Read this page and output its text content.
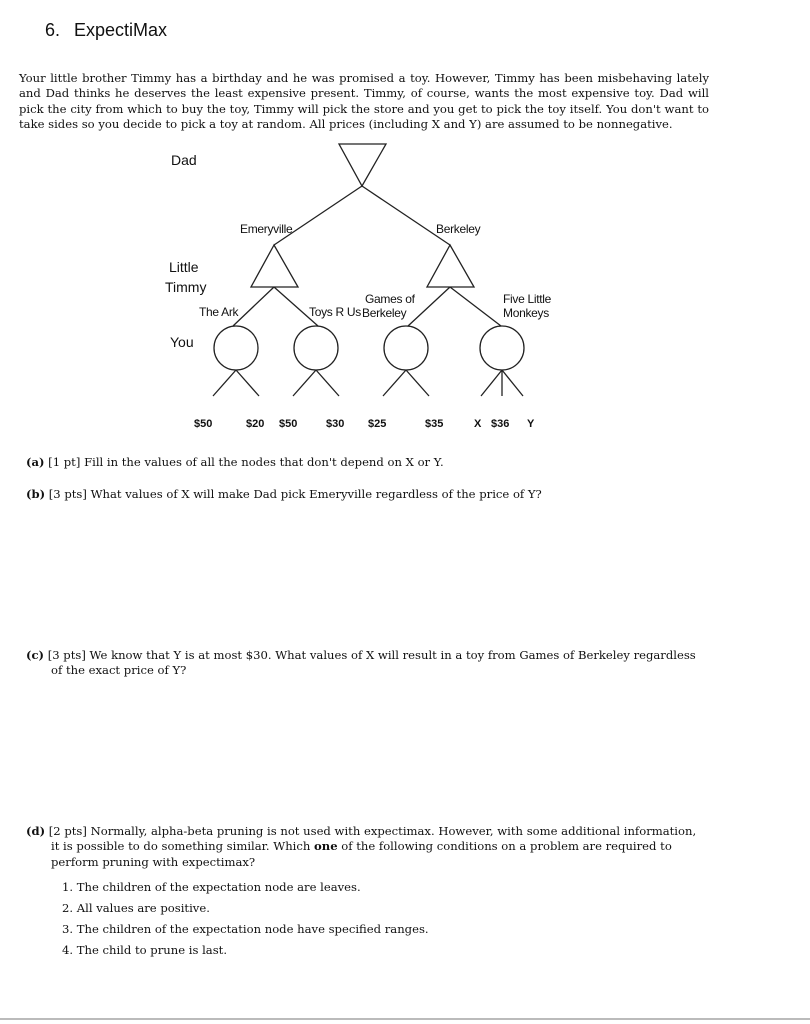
6. ExpectiMax
Your little brother Timmy has a birthday and he was promised a toy. However, Timmy has been misbehaving lately and Dad thinks he deserves the least expensive present. Timmy, of course, wants the most expensive toy. Dad will pick the city from which to buy the toy, Timmy will pick the store and you get to pick the toy itself. You don't want to take sides so you decide to pick a toy at random. All prices (including X and Y) are assumed to be nonnegative.
Dad
Little
Timmy
You
Emeryville	Berkeley
The Ark	Toys R Us
Games of
Berkeley
Five Little
Monkeys
$50	$20 $50	$30 $25	$35	X $36 Y
(a) [1 pt] Fill in the values of all the nodes that don't depend on X or Y.
(b) [3 pts] What values of X will make Dad pick Emeryville regardless of the price of Y?
(c) [3 pts] We know that Y is at most $30. What values of X will result in a toy from Games of Berkeley regardless
of the exact price of Y?
(d) [2 pts] Normally, alpha-beta pruning is not used with expectimax. However, with some additional information,
it is possible to do something similar. Which one of the following conditions on a problem are required to
perform pruning with expectimax?
1. The children of the expectation node are leaves.
2. All values are positive.
3. The children of the expectation node have specified ranges.
4. The child to prune is last.
